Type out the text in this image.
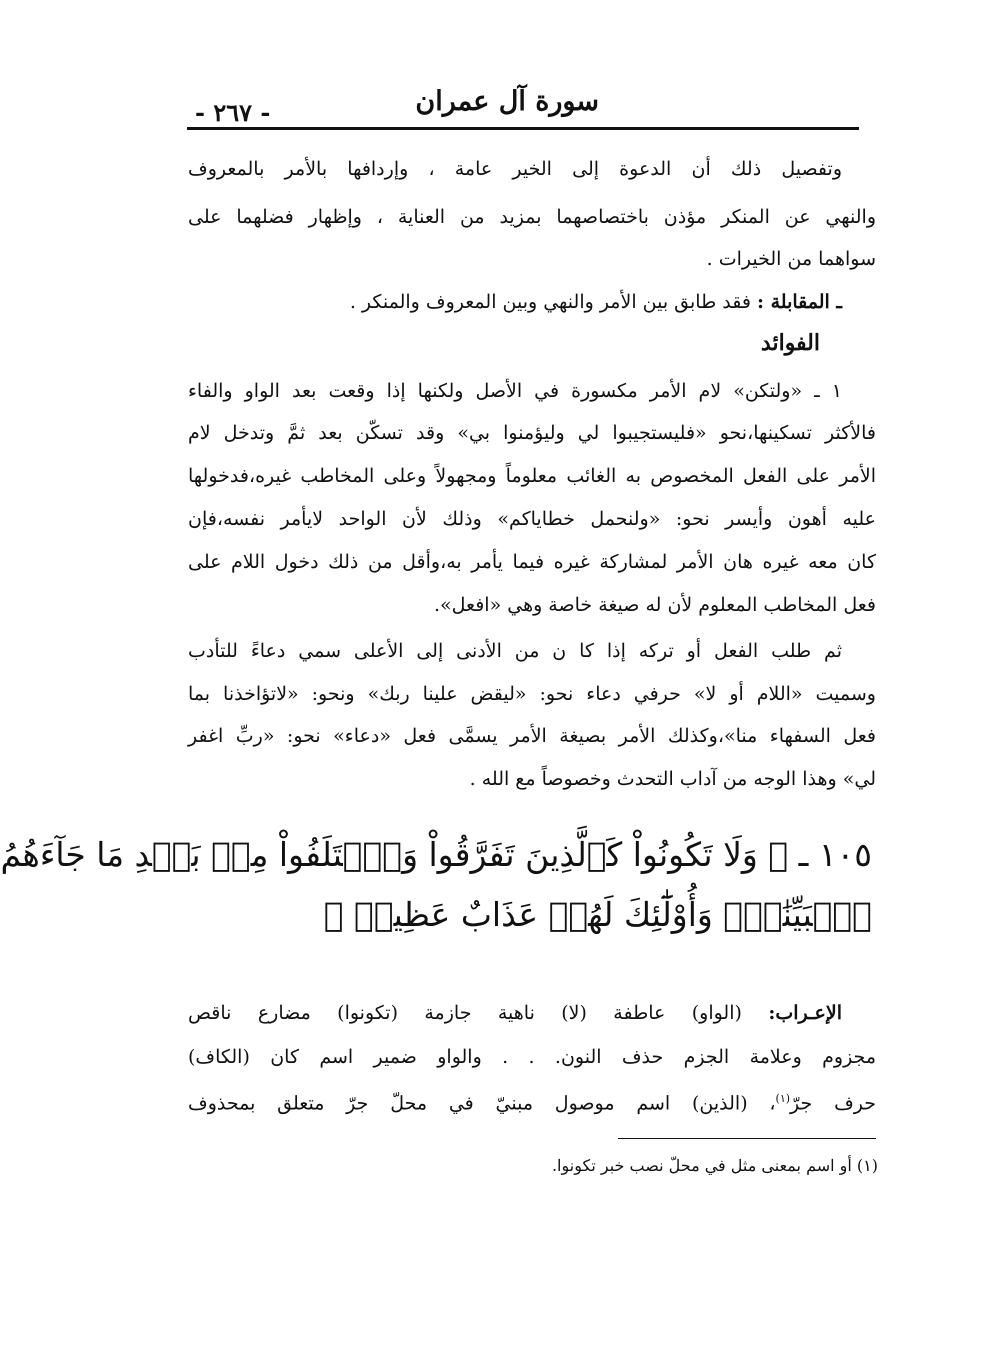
سورة آل عمران
- ٢٦٧ -
وتفصيل ذلك أن الدعوة إلى الخير عامة ، وإردافها بالأمر بالمعروف
والنهي عن المنكر مؤذن باختصاصهما بمزيد من العناية ، وإظهار فضلهما على
سواهما من الخيرات .
ـ المقابلة : فقد طابق بين الأمر والنهي وبين المعروف والمنكر .
الفوائد
١ ـ «ولتكن» لام الأمر مكسورة في الأصل ولكنها إذا وقعت بعد الواو والفاء
فالأكثر تسكينها،نحو «فليستجيبوا لي وليؤمنوا بي» وقد تسكّن بعد ثمَّ وتدخل لام
الأمر على الفعل المخصوص به الغائب معلوماً ومجهولاً وعلى المخاطب غيره،فدخولها
عليه أهون وأيسر نحو: «ولنحمل خطاياكم» وذلك لأن الواحد لايأمر نفسه،فإن
كان معه غيره هان الأمر لمشاركة غيره فيما يأمر به،وأقل من ذلك دخول اللام على
فعل المخاطب المعلوم لأن له صيغة خاصة وهي «افعل».
ثم طلب الفعل أو تركه إذا كا ن من الأدنى إلى الأعلى سمي دعاءً للتأدب
وسميت «اللام أو لا» حرفي دعاء نحو: «ليقض علينا ربك» ونحو: «لاتؤاخذنا بما
فعل السفهاء منا»،وكذلك الأمر بصيغة الأمر يسمَّى فعل «دعاء» نحو: «ربِّ اغفر
لي» وهذا الوجه من آداب التحدث وخصوصاً مع الله .
١٠٥ ـ ﴿ وَلَا تَكُونُواْ كَٱلَّذِينَ تَفَرَّقُواْ وَٱخۡتَلَفُواْ مِنۢ بَعۡدِ مَا جَآءَهُمُ
ٱلۡبَيِّنَٰتُۚ وَأُوْلَٰٓئِكَ لَهُمۡ عَذَابٌ عَظِيمٞ ﴾
الإعـراب: (الواو) عاطفة (لا) ناهية جازمة (تكونوا) مضارع ناقص
مجزوم وعلامة الجزم حذف النون. . . والواو ضمير اسم كان (الكاف)
حرف جرّ$^{(١)}$، (الذين) اسم موصول مبنيّ في محلّ جرّ متعلق بمحذوف
(١) أو اسم بمعنى مثل في محلّ نصب خبر تكونوا.
